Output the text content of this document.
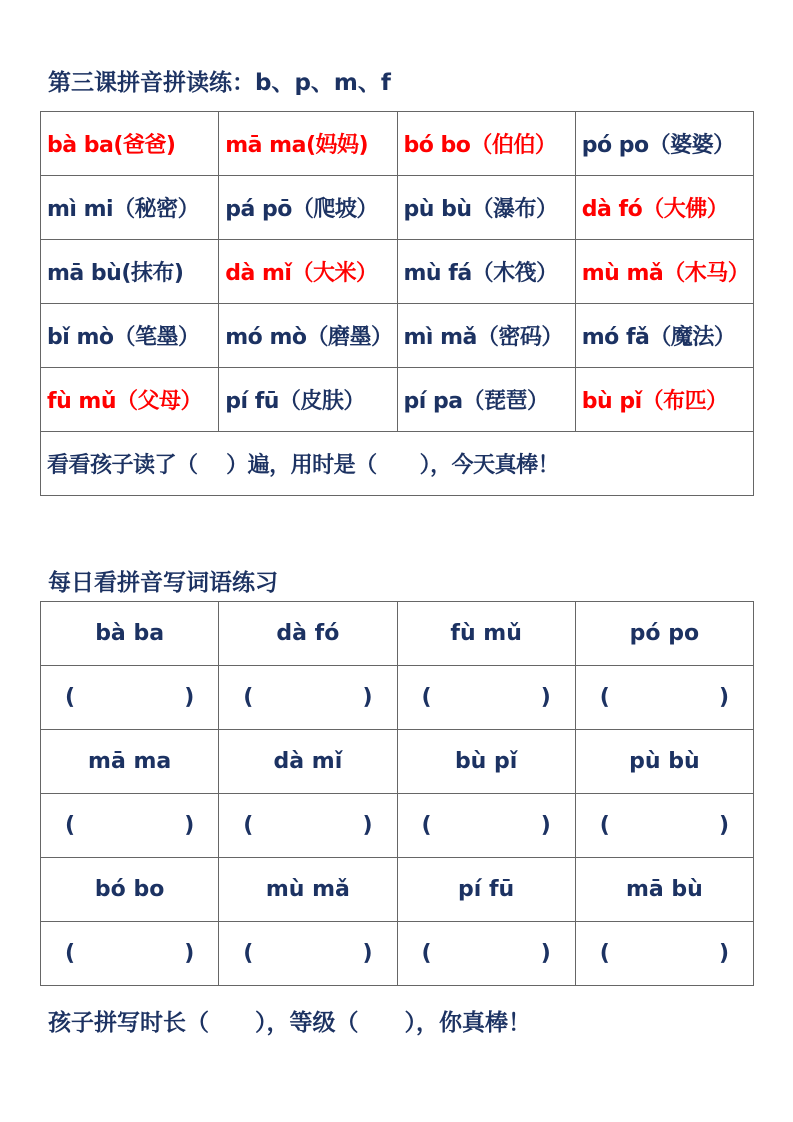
第三课拼音拼读练：b、p、m、f
bà ba(爸爸)	mā ma(妈妈)	bó bo（伯伯）	pó po（婆婆）
mì mi（秘密）	pá pō（爬坡）	pù bù（瀑布）	dà fó（大佛）
mā bù(抹布)	dà mǐ（大米）	mù fá（木筏）	mù mǎ（木马）
bǐ mò（笔墨）	mó mò（磨墨）	mì mǎ（密码）	mó fǎ（魔法）
fù mǔ（父母）	pí fū（皮肤）	pí pa（琵琶）	bù pǐ（布匹）
看看孩子读了（　 ）遍，用时是（　　），今天真棒！			
每日看拼音写词语练习
bà ba	dà fó	fù mǔ	pó po

( )	( )	( )	( )

mā ma	dà mǐ	bù pǐ	pù bù

( )	( )	( )	( )

bó bo	mù mǎ	pí fū	mā bù

( )	( )	( )	( )
孩子拼写时长（　　），等级（　　），你真棒！
